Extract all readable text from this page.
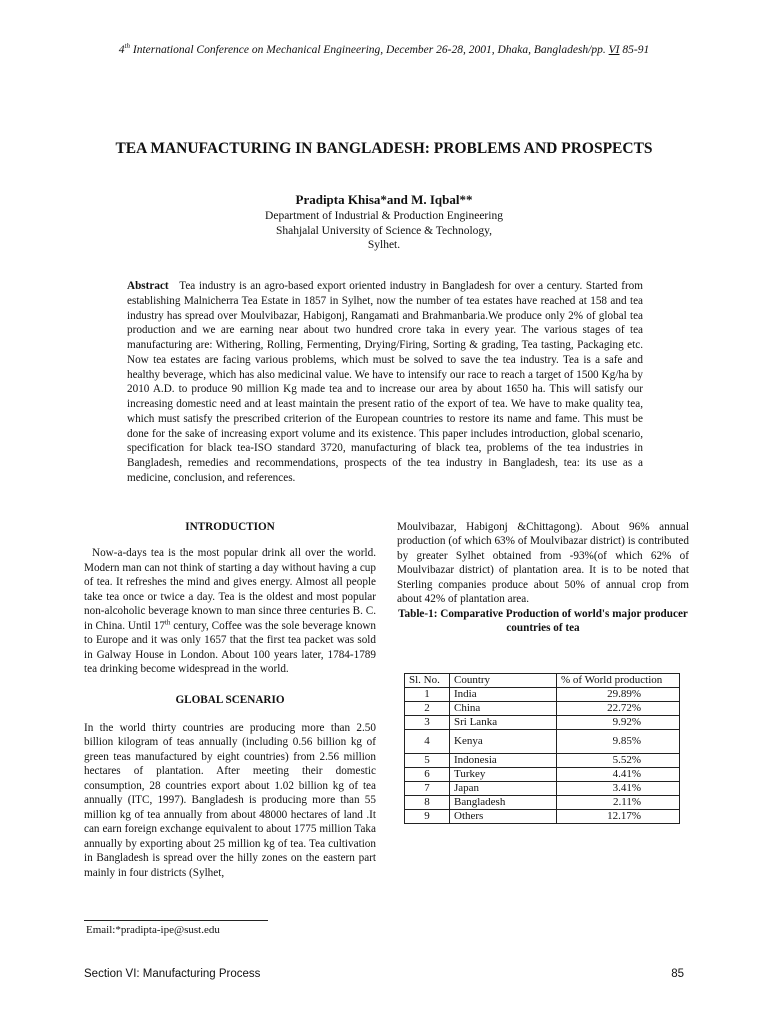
4th International Conference on Mechanical Engineering, December 26-28, 2001, Dhaka, Bangladesh/pp. VI 85-91
TEA MANUFACTURING IN BANGLADESH: PROBLEMS AND PROSPECTS
Pradipta Khisa*and M. Iqbal**
Department of Industrial & Production Engineering
Shahjalal University of Science & Technology,
Sylhet.
Abstract Tea industry is an agro-based export oriented industry in Bangladesh for over a century. Started from establishing Malnicherra Tea Estate in 1857 in Sylhet, now the number of tea estates have reached at 158 and tea industry has spread over Moulvibazar, Habigonj, Rangamati and Brahmanbaria.We produce only 2% of global tea production and we are earning near about two hundred crore taka in every year. The various stages of tea manufacturing are: Withering, Rolling, Fermenting, Drying/Firing, Sorting & grading, Tea tasting, Packaging etc. Now tea estates are facing various problems, which must be solved to save the tea industry. Tea is a safe and healthy beverage, which has also medicinal value. We have to intensify our race to reach a target of 1500 Kg/ha by 2010 A.D. to produce 90 million Kg made tea and to increase our area by about 1650 ha. This will satisfy our increasing domestic need and at least maintain the present ratio of the export of tea. We have to make quality tea, which must satisfy the prescribed criterion of the European countries to restore its name and fame. This must be done for the sake of increasing export volume and its existence. This paper includes introduction, global scenario, specification for black tea-ISO standard 3720, manufacturing of black tea, problems of the tea industries in Bangladesh, remedies and recommendations, prospects of the tea industry in Bangladesh, tea: its use as a medicine, conclusion, and references.

INTRODUCTION

Now-a-days tea is the most popular drink all over the world. Modern man can not think of starting a day without having a cup of tea. It refreshes the mind and gives energy. Almost all people take tea once or twice a day. Tea is the oldest and most popular non-alcoholic beverage known to man since three centuries B. C. in China. Until 17th century, Coffee was the sole beverage known to Europe and it was only 1657 that the first tea packet was sold in Galway House in London. About 100 years later, 1784-1789 tea drinking become widespread in the world.

GLOBAL SCENARIO

In the world thirty countries are producing more than 2.50 billion kilogram of teas annually (including 0.56 billion kg of green teas manufactured by eight countries) from 2.56 million hectares of plantation. After meeting their domestic consumption, 28 countries export about 1.02 billion kg of tea annually (ITC, 1997). Bangladesh is producing more than 55 million kg of tea annually from about 48000 hectares of land .It can earn foreign exchange equivalent to about 1775 million Taka annually by exporting about 25 million kg of tea. Tea cultivation in Bangladesh is spread over the hilly zones on the eastern part mainly in four districts (Sylhet,

Moulvibazar, Habigonj &Chittagong). About 96% annual production (of which 63% of Moulvibazar district) is contributed by greater Sylhet obtained from -93%(of which 62% of Moulvibazar district) of plantation area. It is to be noted that Sterling companies produce about 50% of annual crop from about 42% of plantation area.

Table-1: Comparative Production of world's major producer countries of tea

Sl. No.	Country	% of World production
1	India	29.89%
2	China	22.72%
3	Sri Lanka	9.92%
4	Kenya	9.85%
5	Indonesia	5.52%
6	Turkey	4.41%
7	Japan	3.41%
8	Bangladesh	2.11%
9	Others	12.17%
Email:*pradipta-ipe@sust.edu
Section VI: Manufacturing Process	85
